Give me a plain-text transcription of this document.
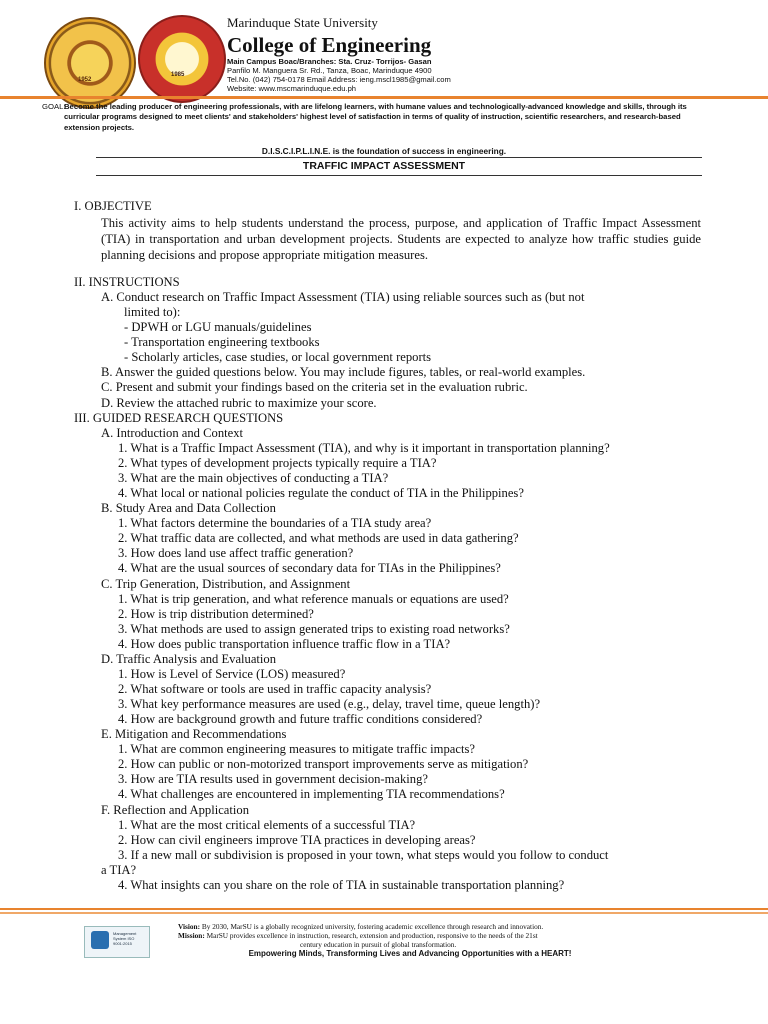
1952
1985
Marinduque State University
College of Engineering
Main Campus Boac/Branches: Sta. Cruz- Torrijos- Gasan
Panfilo M. Manguera Sr. Rd., Tanza, Boac, Marinduque 4900
Tel.No. (042) 754-0178 Email Address: ieng.mscl1985@gmail.com
Website: www.mscmarinduque.edu.ph
GOAL:
Become the leading producer of engineering professionals, with are lifelong learners, with humane values and technologically-advanced knowledge and skills, through its curricular programs designed to meet clients' and stakeholders' highest level of satisfaction in terms of quality of instruction, scientific researchers, and research-based extension projects.
D.I.S.C.I.P.L.I.N.E. is the foundation of success in engineering.
TRAFFIC IMPACT ASSESSMENT
I. OBJECTIVE
This activity aims to help students understand the process, purpose, and application of Traffic Impact Assessment (TIA) in transportation and urban development projects. Students are expected to analyze how traffic studies guide planning decisions and propose appropriate mitigation measures.
II. INSTRUCTIONS
A. Conduct research on Traffic Impact Assessment (TIA) using reliable sources such as (but not
limited to):
- DPWH or LGU manuals/guidelines
- Transportation engineering textbooks
- Scholarly articles, case studies, or local government reports
B. Answer the guided questions below. You may include figures, tables, or real-world examples.
C. Present and submit your findings based on the criteria set in the evaluation rubric.
D. Review the attached rubric to maximize your score.
III. GUIDED RESEARCH QUESTIONS
A. Introduction and Context
1. What is a Traffic Impact Assessment (TIA), and why is it important in transportation planning?
2. What types of development projects typically require a TIA?
3. What are the main objectives of conducting a TIA?
4. What local or national policies regulate the conduct of TIA in the Philippines?
B. Study Area and Data Collection
1. What factors determine the boundaries of a TIA study area?
2. What traffic data are collected, and what methods are used in data gathering?
3. How does land use affect traffic generation?
4. What are the usual sources of secondary data for TIAs in the Philippines?
C. Trip Generation, Distribution, and Assignment
1. What is trip generation, and what reference manuals or equations are used?
2. How is trip distribution determined?
3. What methods are used to assign generated trips to existing road networks?
4. How does public transportation influence traffic flow in a TIA?
D. Traffic Analysis and Evaluation
1. How is Level of Service (LOS) measured?
2. What software or tools are used in traffic capacity analysis?
3. What key performance measures are used (e.g., delay, travel time, queue length)?
4. How are background growth and future traffic conditions considered?
E. Mitigation and Recommendations
1. What are common engineering measures to mitigate traffic impacts?
2. How can public or non-motorized transport improvements serve as mitigation?
3. How are TIA results used in government decision-making?
4. What challenges are encountered in implementing TIA recommendations?
F. Reflection and Application
1. What are the most critical elements of a successful TIA?
2. How can civil engineers improve TIA practices in developing areas?
3. If a new mall or subdivision is proposed in your town, what steps would you follow to conduct
a TIA?
4. What insights can you share on the role of TIA in sustainable transportation planning?
Management System ISO 9001:2015
Vision: By 2030, MarSU is a globally recognized university, fostering academic excellence through research and innovation.
Mission: MarSU provides excellence in instruction, research, extension and production, responsive to the needs of the 21st
century education in pursuit of global transformation.
Empowering Minds, Transforming Lives and Advancing Opportunities with a HEART!
